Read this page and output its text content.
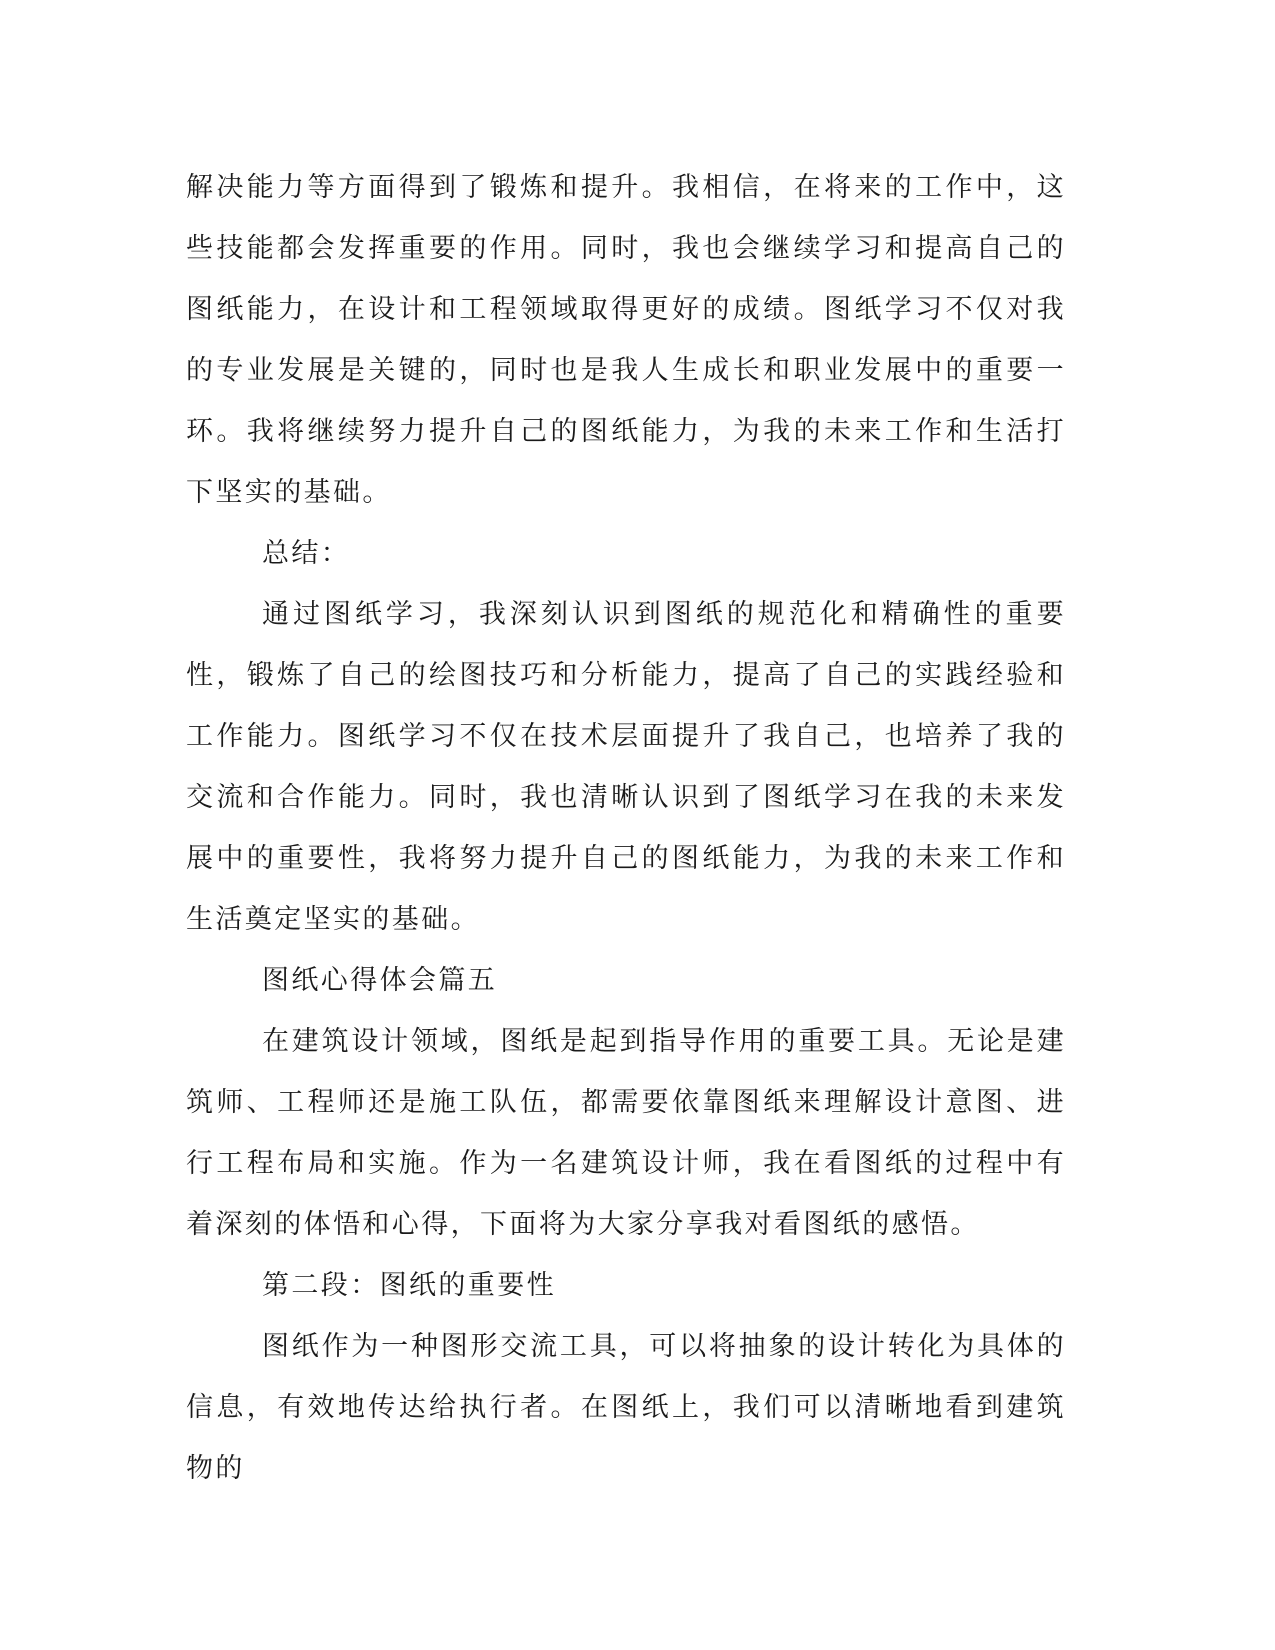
解决能力等方面得到了锻炼和提升。我相信，在将来的工作中，这些技能都会发挥重要的作用。同时，我也会继续学习和提高自己的图纸能力，在设计和工程领域取得更好的成绩。图纸学习不仅对我的专业发展是关键的，同时也是我人生成长和职业发展中的重要一环。我将继续努力提升自己的图纸能力，为我的未来工作和生活打下坚实的基础。

总结：

通过图纸学习，我深刻认识到图纸的规范化和精确性的重要性，锻炼了自己的绘图技巧和分析能力，提高了自己的实践经验和工作能力。图纸学习不仅在技术层面提升了我自己，也培养了我的交流和合作能力。同时，我也清晰认识到了图纸学习在我的未来发展中的重要性，我将努力提升自己的图纸能力，为我的未来工作和生活奠定坚实的基础。

图纸心得体会篇五

在建筑设计领域，图纸是起到指导作用的重要工具。无论是建筑师、工程师还是施工队伍，都需要依靠图纸来理解设计意图、进行工程布局和实施。作为一名建筑设计师，我在看图纸的过程中有着深刻的体悟和心得，下面将为大家分享我对看图纸的感悟。

第二段：图纸的重要性

图纸作为一种图形交流工具，可以将抽象的设计转化为具体的信息，有效地传达给执行者。在图纸上，我们可以清晰地看到建筑物的
